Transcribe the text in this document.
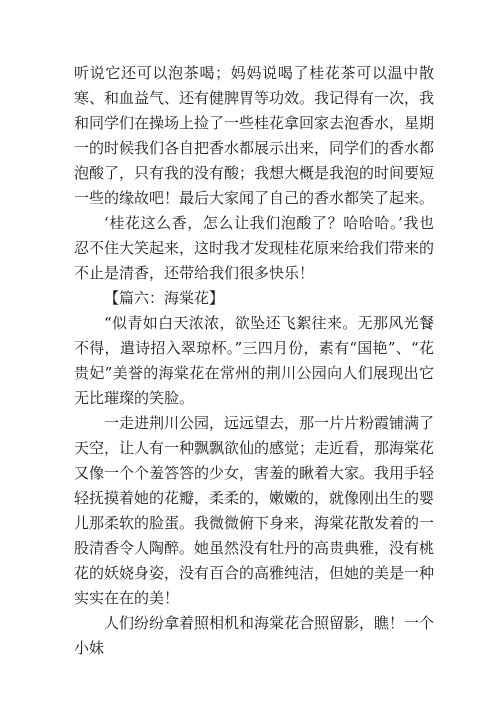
听说它还可以泡茶喝；妈妈说喝了桂花茶可以温中散寒、和血益气、还有健脾胃等功效。我记得有一次，我和同学们在操场上捡了一些桂花拿回家去泡香水，星期一的时候我们各自把香水都展示出来，同学们的香水都泡酸了，只有我的没有酸；我想大概是我泡的时间要短一些的缘故吧！最后大家闻了自己的香水都笑了起来。

‘桂花这么香，怎么让我们泡酸了？哈哈哈。’我也忍不住大笑起来，这时我才发现桂花原来给我们带来的不止是清香，还带给我们很多快乐！

【篇六：海棠花】

“似青如白天浓浓，欲坠还飞絮往来。无那风光餐不得，遣诗招入翠琼杯。”三四月份，素有“国艳”、“花贵妃”美誉的海棠花在常州的荆川公园向人们展现出它无比璀璨的笑脸。

一走进荆川公园，远远望去，那一片片粉霞铺满了天空，让人有一种飘飘欲仙的感觉；走近看，那海棠花又像一个个羞答答的少女，害羞的瞅着大家。我用手轻轻抚摸着她的花瓣，柔柔的，嫩嫩的，就像刚出生的婴儿那柔软的脸蛋。我微微俯下身来，海棠花散发着的一股清香令人陶醉。她虽然没有牡丹的高贵典雅，没有桃花的妖娆身姿，没有百合的高雅纯洁，但她的美是一种实实在在的美！

人们纷纷拿着照相机和海棠花合照留影，瞧！一个小妹
